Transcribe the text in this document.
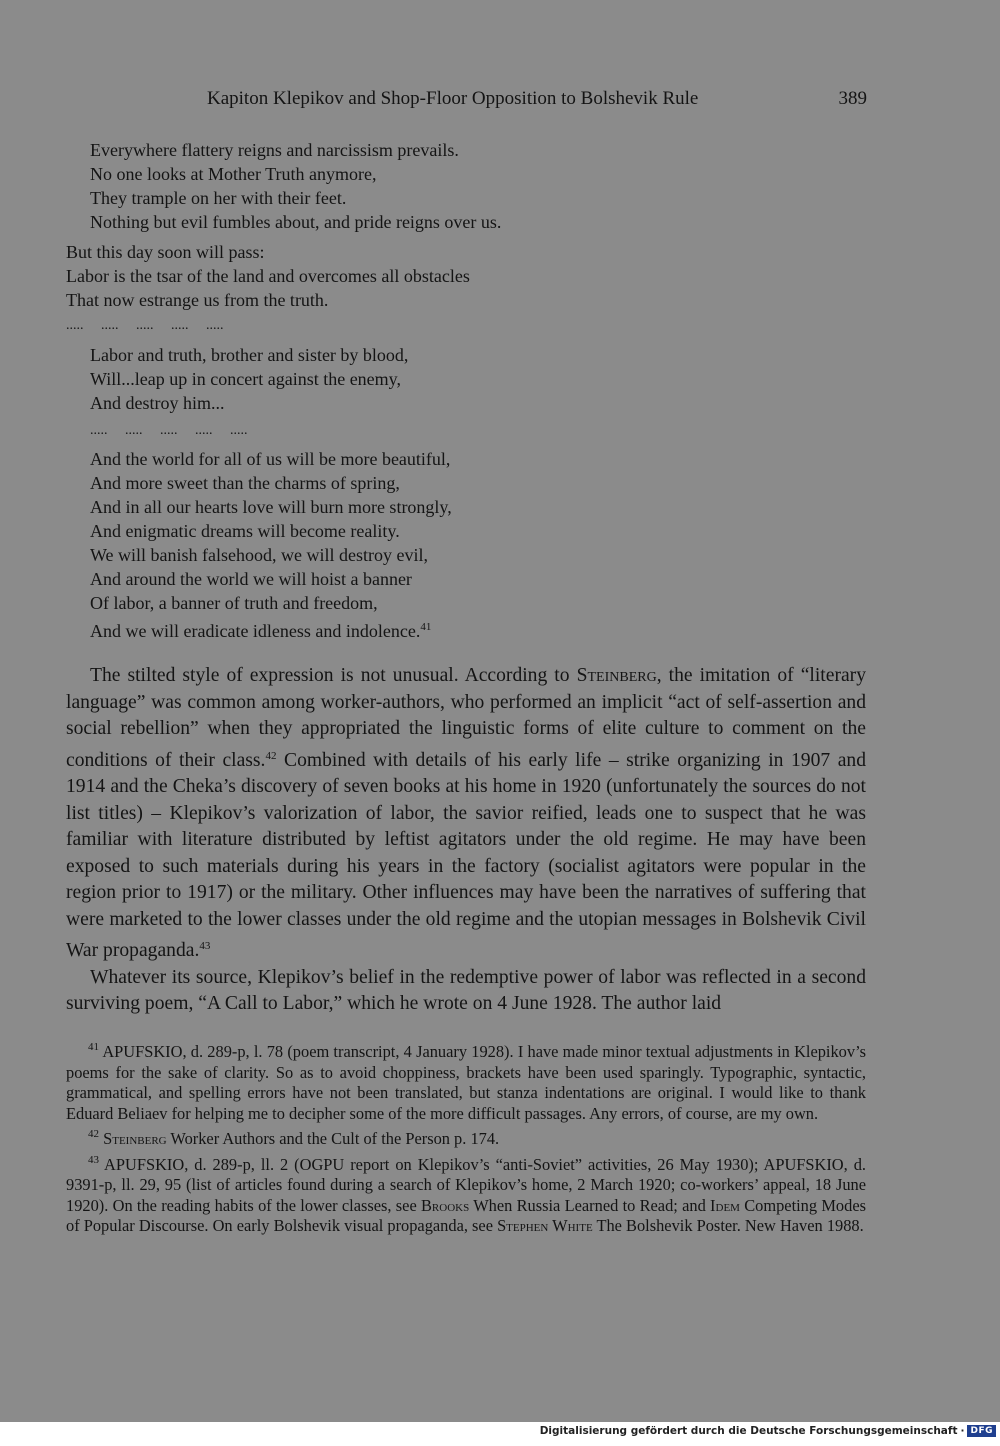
Kapiton Klepikov and Shop-Floor Opposition to Bolshevik Rule	389
Everywhere flattery reigns and narcissism prevails.
No one looks at Mother Truth anymore,
They trample on her with their feet.
Nothing but evil fumbles about, and pride reigns over us.
But this day soon will pass:
Labor is the tsar of the land and overcomes all obstacles
That now estrange us from the truth.
..... ..... ..... ..... .....
Labor and truth, brother and sister by blood,
Will...leap up in concert against the enemy,
And destroy him...
..... ..... ..... ..... .....
And the world for all of us will be more beautiful,
And more sweet than the charms of spring,
And in all our hearts love will burn more strongly,
And enigmatic dreams will become reality.
We will banish falsehood, we will destroy evil,
And around the world we will hoist a banner
Of labor, a banner of truth and freedom,
And we will eradicate idleness and indolence.$^{41}$

The stilted style of expression is not unusual. According to Steinberg, the imitation of “literary language” was common among worker-authors, who performed an implicit “act of self-assertion and social rebellion” when they appropriated the linguistic forms of elite culture to comment on the conditions of their class.$^{42}$ Combined with details of his early life – strike organizing in 1907 and 1914 and the Cheka’s discovery of seven books at his home in 1920 (unfortunately the sources do not list titles) – Klepikov’s valorization of labor, the savior reified, leads one to suspect that he was familiar with literature distributed by leftist agitators under the old regime. He may have been exposed to such materials during his years in the factory (socialist agitators were popular in the region prior to 1917) or the military. Other influences may have been the narratives of suffering that were marketed to the lower classes under the old regime and the utopian messages in Bolshevik Civil War propaganda.$^{43}$

Whatever its source, Klepikov’s belief in the redemptive power of labor was reflected in a second surviving poem, “A Call to Labor,” which he wrote on 4 June 1928. The author laid

$^{41}$ APUFSKIO, d. 289-p, l. 78 (poem transcript, 4 January 1928). I have made minor textual adjustments in Klepikov’s poems for the sake of clarity. So as to avoid choppiness, brackets have been used sparingly. Typographic, syntactic, grammatical, and spelling errors have not been translated, but stanza indentations are original. I would like to thank Eduard Beliaev for helping me to decipher some of the more difficult passages. Any errors, of course, are my own.

$^{42}$ Steinberg Worker Authors and the Cult of the Person p. 174.

$^{43}$ APUFSKIO, d. 289-p, ll. 2 (OGPU report on Klepikov’s “anti-Soviet” activities, 26 May 1930); APUFSKIO, d. 9391-p, ll. 29, 95 (list of articles found during a search of Klepikov’s home, 2 March 1920; co-workers’ appeal, 18 June 1920). On the reading habits of the lower classes, see Brooks When Russia Learned to Read; and Idem Competing Modes of Popular Discourse. On early Bolshevik visual propaganda, see Stephen White The Bolshevik Poster. New Haven 1988.

Digitalisierung gefördert durch die Deutsche Forschungsgemeinschaft · DFG
